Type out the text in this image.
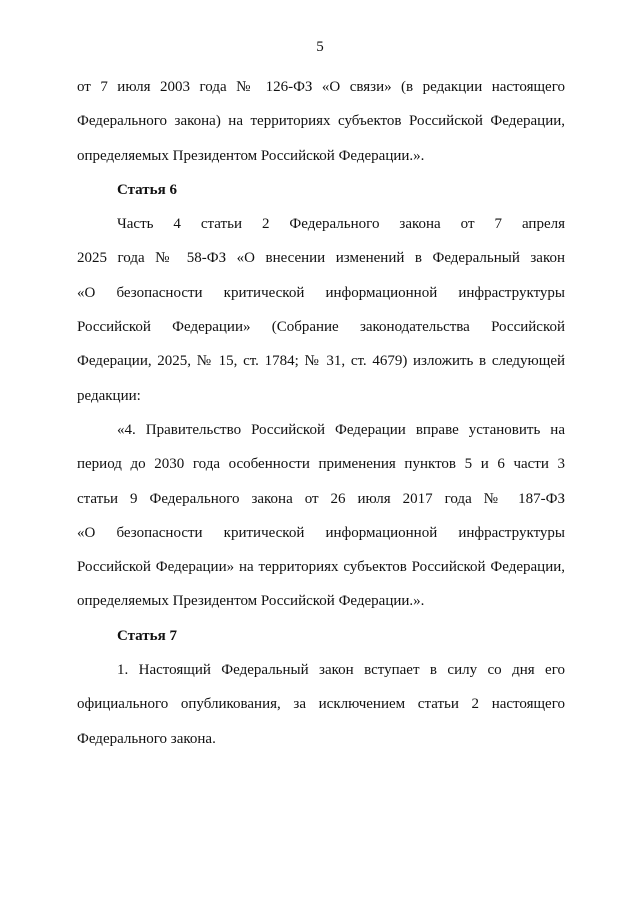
5
от 7 июля 2003 года № 126-ФЗ «О связи» (в редакции настоящего
Федерального закона) на территориях субъектов Российской Федерации,
определяемых Президентом Российской Федерации.».
Статья 6
Часть 4 статьи 2 Федерального закона от 7 апреля
2025 года № 58-ФЗ «О внесении изменений в Федеральный закон
«О безопасности критической информационной инфраструктуры
Российской Федерации» (Собрание законодательства Российской
Федерации, 2025, № 15, ст. 1784; № 31, ст. 4679) изложить в следующей
редакции:
«4. Правительство Российской Федерации вправе установить на
период до 2030 года особенности применения пунктов 5 и 6 части 3
статьи 9 Федерального закона от 26 июля 2017 года № 187-ФЗ
«О безопасности критической информационной инфраструктуры
Российской Федерации» на территориях субъектов Российской Федерации,
определяемых Президентом Российской Федерации.».
Статья 7
1. Настоящий Федеральный закон вступает в силу со дня его
официального опубликования, за исключением статьи 2 настоящего
Федерального закона.
